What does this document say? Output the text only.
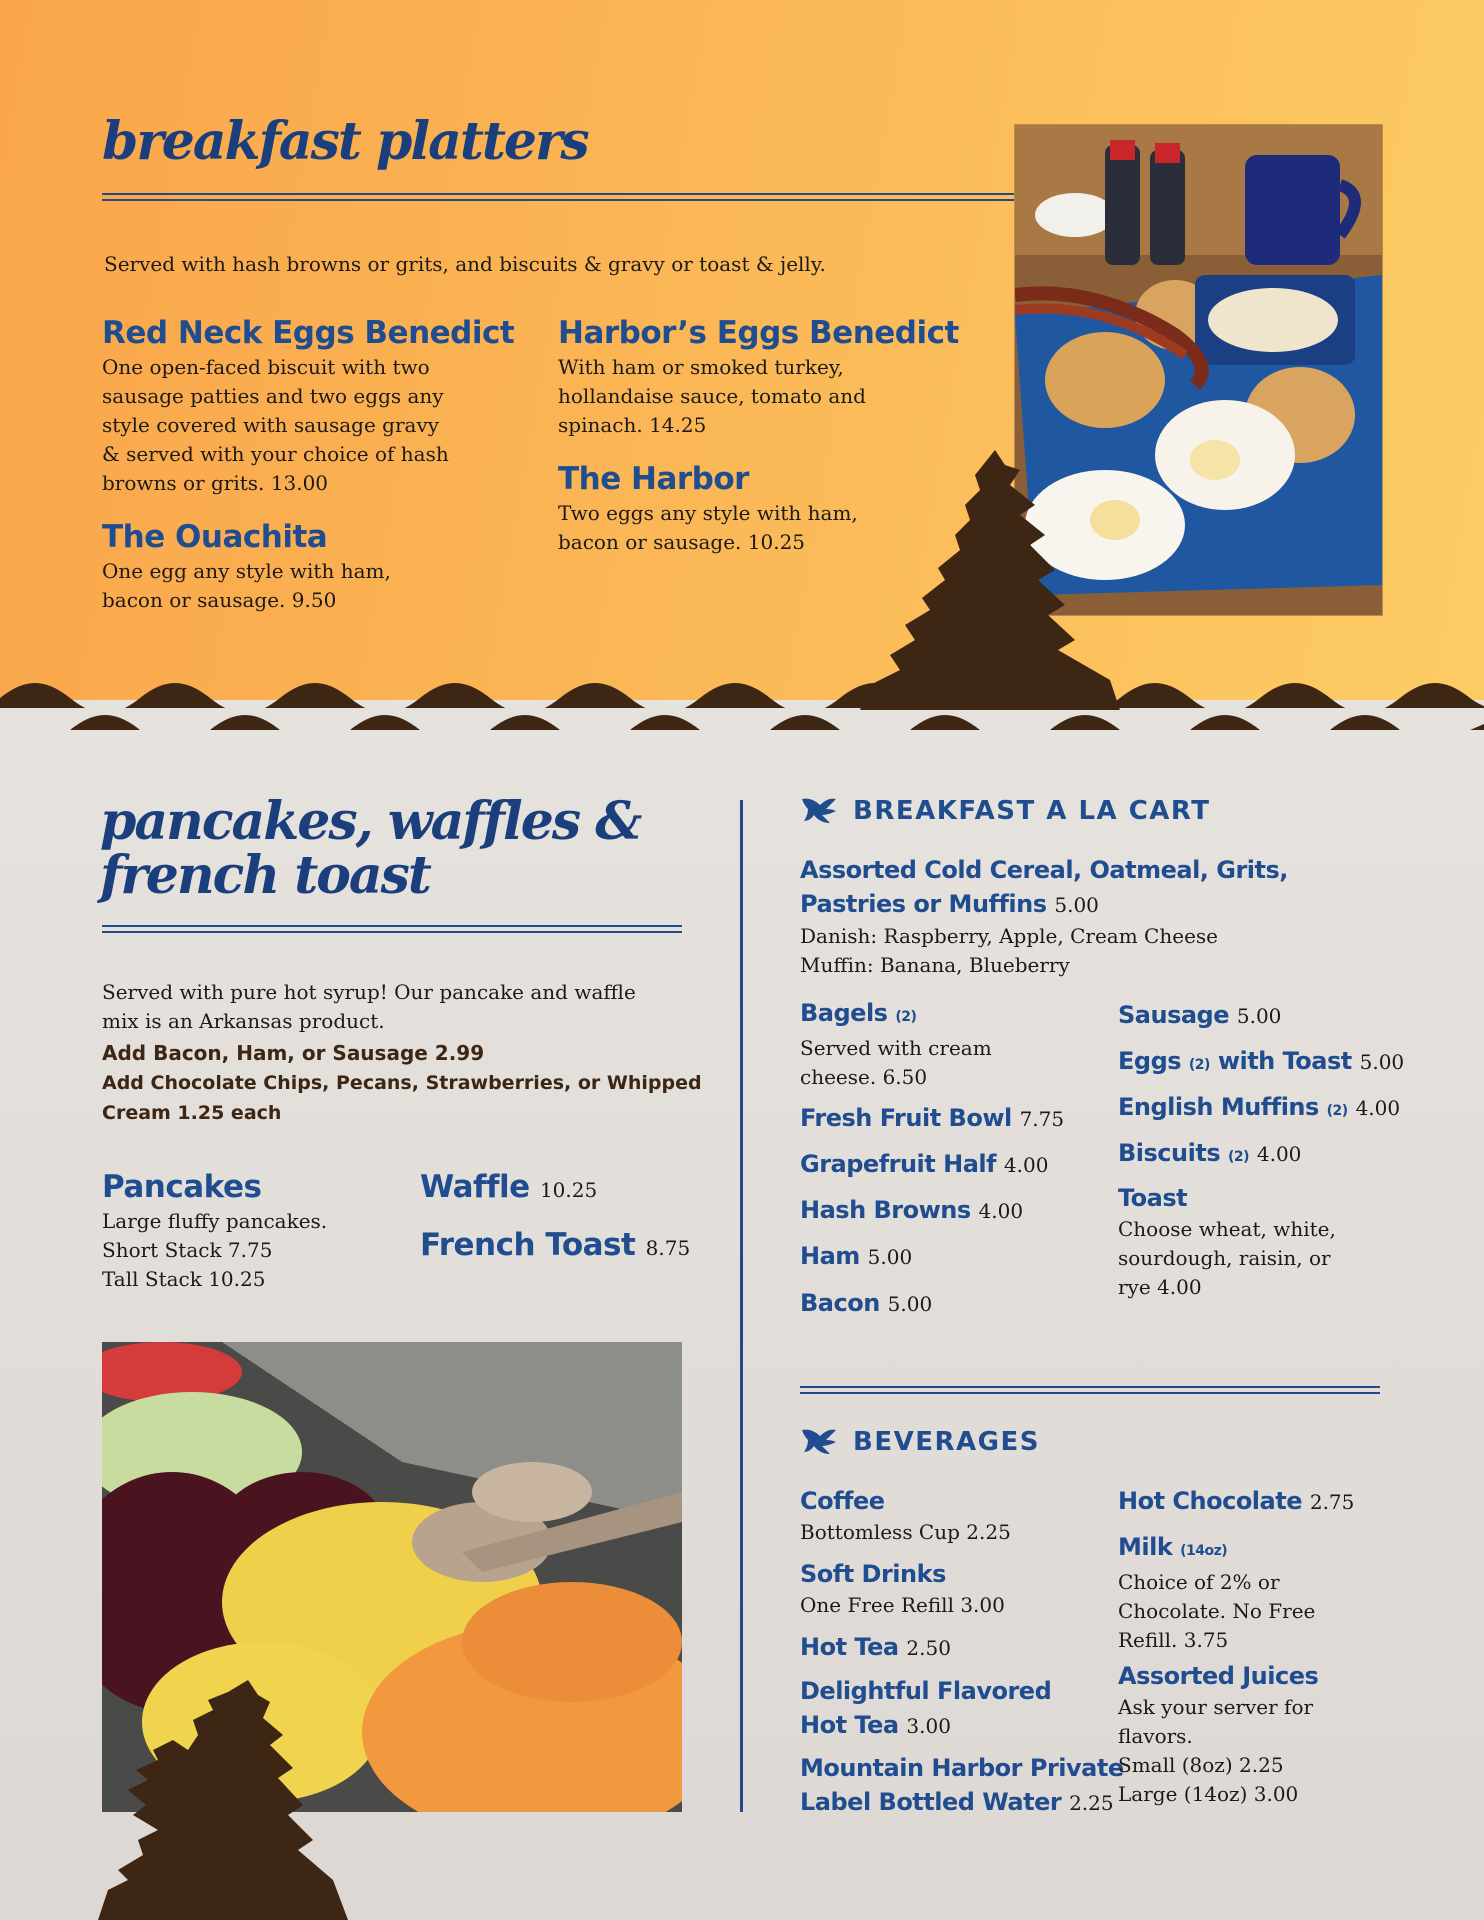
breakfast platters
Served with hash browns or grits, and biscuits & gravy or toast & jelly.
Red Neck Eggs Benedict
One open-faced biscuit with two
sausage patties and two eggs any
style covered with sausage gravy
& served with your choice of hash
browns or grits. 13.00
The Ouachita
One egg any style with ham,
bacon or sausage. 9.50
Harbor’s Eggs Benedict
With ham or smoked turkey,
hollandaise sauce, tomato and
spinach. 14.25
The Harbor
Two eggs any style with ham,
bacon or sausage. 10.25
pancakes, waffles &
french toast
Served with pure hot syrup! Our pancake and waffle
mix is an Arkansas product.
Add Bacon, Ham, or Sausage 2.99
Add Chocolate Chips, Pecans, Strawberries, or Whipped
Cream 1.25 each
Pancakes
Large fluffy pancakes.
Short Stack 7.75
Tall Stack 10.25
Waffle 10.25
French Toast 8.75
BREAKFAST A LA CART
Assorted Cold Cereal, Oatmeal, Grits,
Pastries or Muffins 5.00
Danish: Raspberry, Apple, Cream Cheese
Muffin: Banana, Blueberry
Bagels (2)
Served with cream
cheese. 6.50
Fresh Fruit Bowl 7.75
Grapefruit Half 4.00
Hash Browns 4.00
Ham 5.00
Bacon 5.00
Sausage 5.00
Eggs (2) with Toast 5.00
English Muffins (2) 4.00
Biscuits (2) 4.00
Toast
Choose wheat, white,
sourdough, raisin, or
rye 4.00
BEVERAGES
Coffee
Bottomless Cup 2.25
Soft Drinks
One Free Refill 3.00
Hot Tea 2.50
Delightful Flavored
Hot Tea 3.00
Mountain Harbor Private
Label Bottled Water 2.25
Hot Chocolate 2.75
Milk (14oz)
Choice of 2% or
Chocolate. No Free
Refill. 3.75
Assorted Juices
Ask your server for
flavors.
Small (8oz) 2.25
Large (14oz) 3.00
